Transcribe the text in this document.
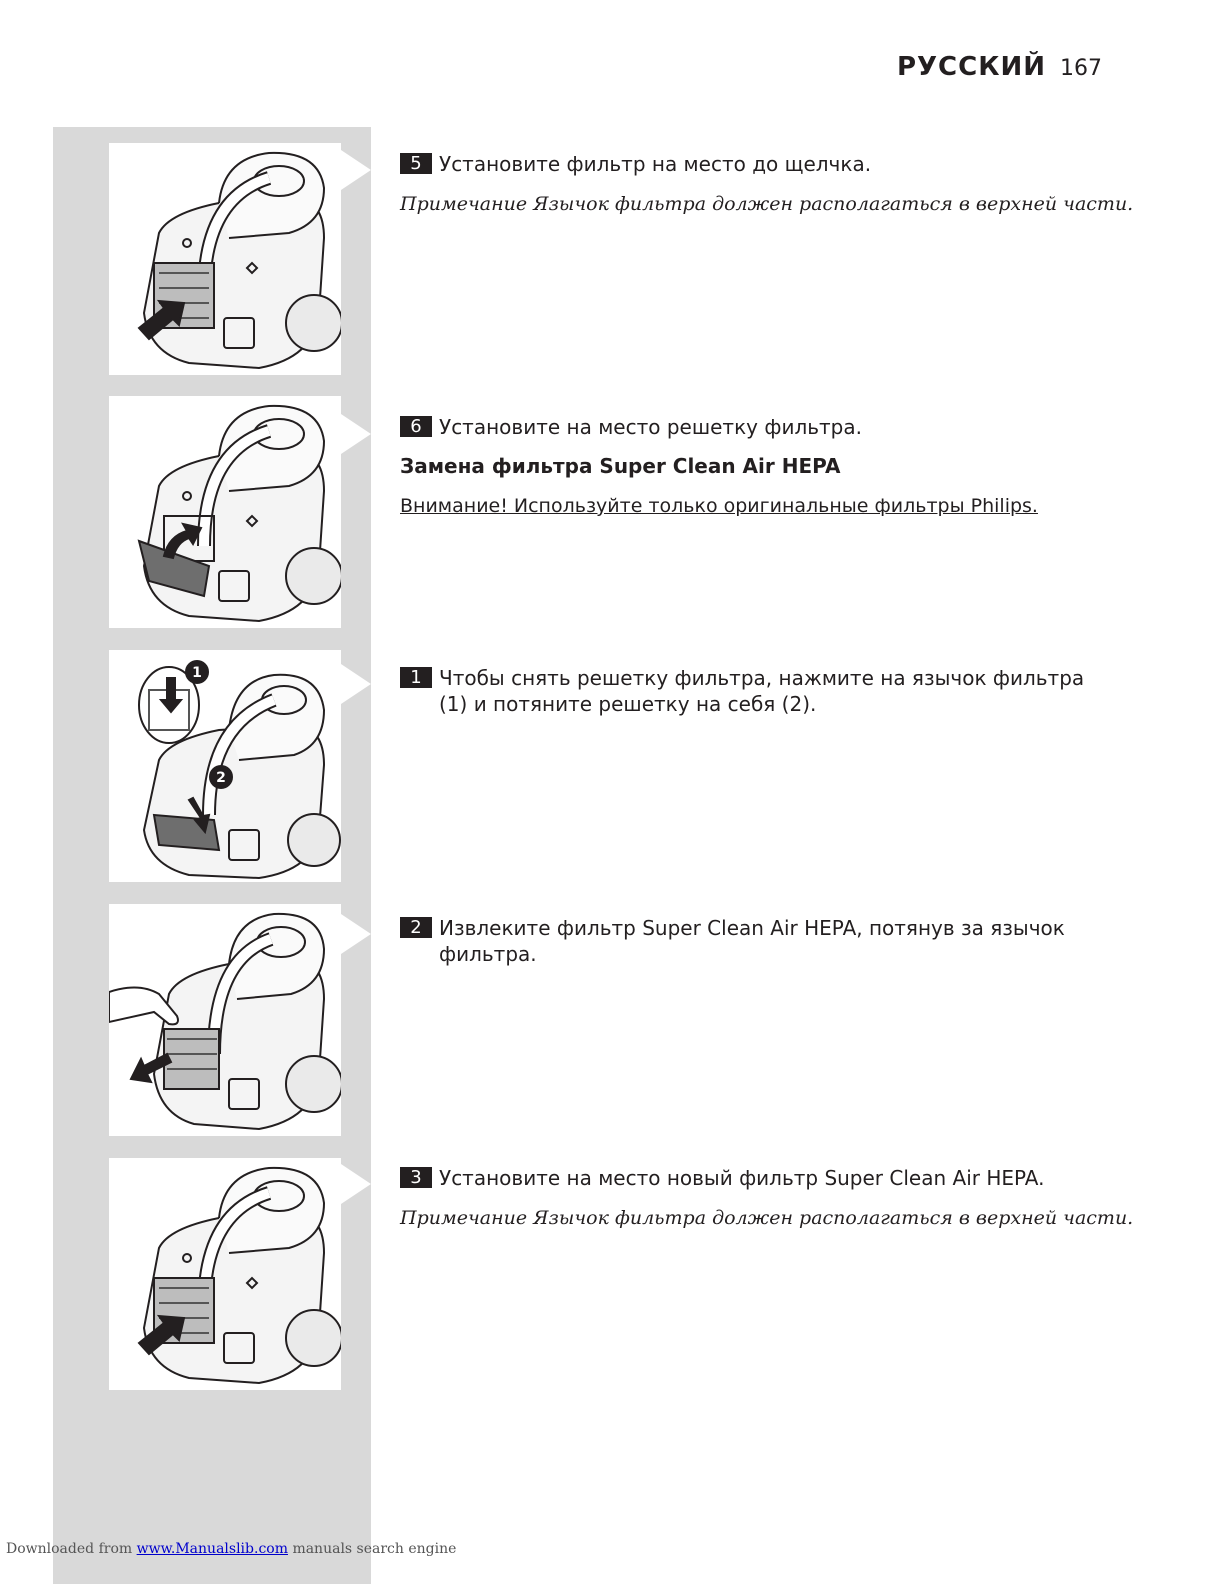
РУССКИЙ 167
1
2
5 Установите фильтр на место до щелчка.
Примечание Язычок фильтра должен располагаться в верхней части.
6 Установите на место решетку фильтра.
Замена фильтра Super Clean Air HEPA
Внимание! Используйте только оригинальные фильтры Philips.
1 Чтобы снять решетку фильтра, нажмите на язычок фильтра (1) и потяните решетку на себя (2).
2 Извлеките фильтр Super Clean Air HEPA, потянув за язычок фильтра.
3 Установите на место новый фильтр Super Clean Air HEPA.
Примечание Язычок фильтра должен располагаться в верхней части.
Downloaded from www.Manualslib.com manuals search engine
